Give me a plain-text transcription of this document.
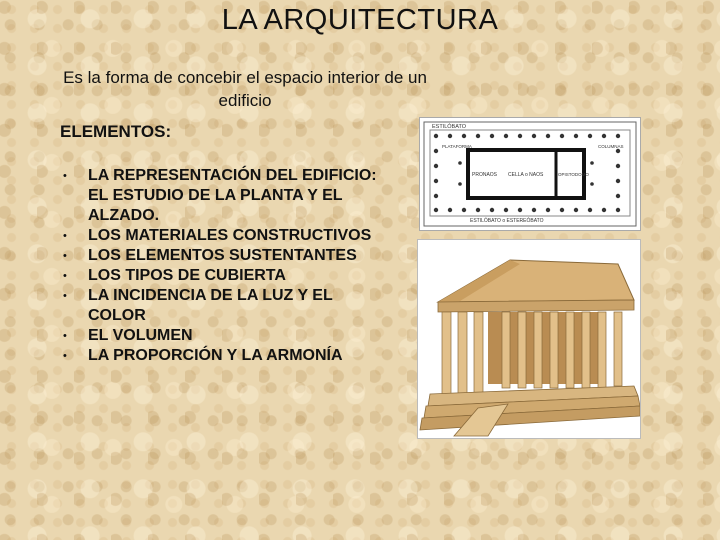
LA ARQUITECTURA
Es la forma de concebir el espacio interior de un edificio
ELEMENTOS:
• LA REPRESENTACIÓN DEL EDIFICIO: EL ESTUDIO DE LA PLANTA Y EL ALZADO.
• LOS MATERIALES CONSTRUCTIVOS
• LOS ELEMENTOS SUSTENTANTES
• LOS TIPOS DE CUBIERTA
• LA INCIDENCIA DE LA LUZ Y EL COLOR
• EL VOLUMEN
• LA PROPORCIÓN Y LA ARMONÍA
ESTILÓBATO
PLATAFORMA	COLUMNAS
PRONAOS CELLA o NAOS	OPISTODOMO
ESTILÓBATO o ESTEREÓBATO
